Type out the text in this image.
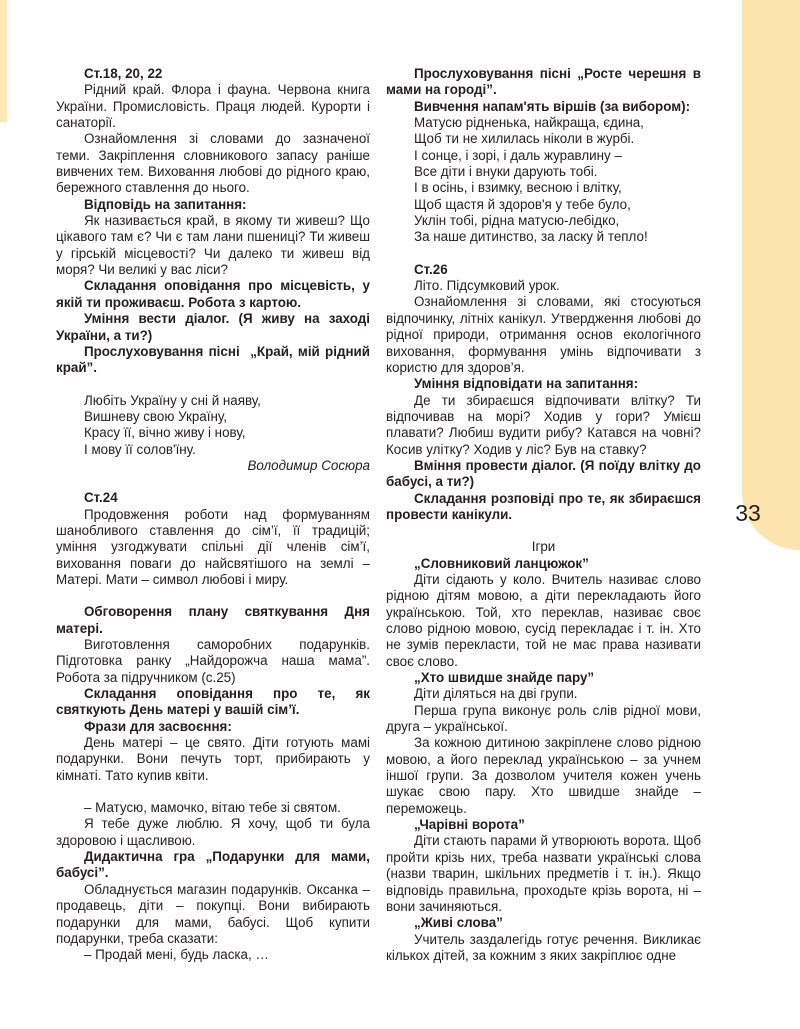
33

Ст.18, 20, 22

Рідний край. Флора і фауна. Червона книга України. Промисловість. Праця людей. Курорти і санаторії.

Ознайомлення зі словами до зазначеної теми. Закріплення словникового запасу раніше вивчених тем. Виховання любові до рідного краю, бережного ставлення до нього.

Відповідь на запитання:

Як називається край, в якому ти живеш? Що цікавого там є? Чи є там лани пшениці? Ти живеш у гірській місцевості? Чи далеко ти живеш від моря? Чи великі у вас ліси?

Складання оповідання про місцевість, у якій ти проживаєш. Робота з картою.

Уміння вести діалог. (Я живу на заході України, а ти?)

Прослуховування пісні  „Край, мій рідний край”.

Любіть Україну у сні й наяву,

Вишневу свою Україну,

Красу її, вічно живу і нову,

І мову її солов'їну.

Володимир Сосюра

Ст.24

Продовження роботи над формуванням шанобливого ставлення до сім’ї, її традицій; уміння узгоджувати спільні дії членів сім’ї, виховання поваги до найсвятішого на землі – Матері. Мати – символ любові і миру.

Обговорення плану святкування Дня матері.

Виготовлення саморобних подарунків. Підготовка ранку „Найдорожча наша мама”. Робота за підручником (с.25)

Складання оповідання про те, як святкують День матері у вашій сім’ї.

Фрази для засвоєння:

День матері – це свято. Діти готують мамі подарунки. Вони печуть торт, прибирають у кімнаті. Тато купив квіти.

– Матусю, мамочко, вітаю тебе зі святом.

Я тебе дуже люблю. Я хочу, щоб ти була здоровою і щасливою.

Дидактична гра „Подарунки для мами, бабусі”.

Обладнується магазин подарунків. Оксанка – продавець, діти – покупці. Вони вибирають подарунки для мами, бабусі. Щоб купити подарунки, треба сказати:

– Продай мені, будь ласка, …

Прослуховування пісні „Росте черешня в мами на городі”.

Вивчення напам'ять віршів (за вибором):

Матусю рідненька, найкраща, єдина,

Щоб ти не хилилась ніколи в журбі.

І сонце, і зорі, і даль журавлину –

Все діти і внуки дарують тобі.

І в осінь, і взимку, весною і влітку,

Щоб щастя й здоров'я у тебе було,

Уклін тобі, рідна матусю-лебідко,

За наше дитинство, за ласку й тепло!

Ст.26

Літо. Підсумковий урок.

Ознайомлення зі словами, які стосуються відпочинку, літніх канікул. Утвердження любові до рідної природи, отримання основ екологічного виховання, формування умінь відпочивати з користю для здоров’я.

Уміння відповідати на запитання:

Де ти збираєшся відпочивати влітку? Ти відпочивав на морі? Ходив у гори? Умієш плавати? Любиш вудити рибу? Катався на човні? Косив улітку? Ходив у ліс? Був на ставку?

Вміння провести діалог. (Я поїду влітку до бабусі, а ти?)

Складання розповіді про те, як збираєшся провести канікули.

Ігри

„Словниковий ланцюжок”

Діти сідають у коло. Вчитель називає слово рідною дітям мовою, а діти перекладають його українською. Той, хто переклав, називає своє слово рідною мовою, сусід перекладає і т. ін. Хто не зумів перекласти, той не має права називати своє слово.

„Хто швидше знайде пару”

Діти діляться на дві групи.

Перша група виконує роль слів рідної мови, друга – української.

За кожною дитиною закріплене слово рідною мовою, а його переклад українською – за учнем іншої групи. За дозволом учителя кожен учень шукає свою пару. Хто швидше знайде – переможець.

„Чарівні ворота”

Діти стають парами й утворюють ворота. Щоб пройти крізь них, треба назвати українські слова (назви тварин, шкільних предметів і т. ін.). Якщо відповідь правильна, проходьте крізь ворота, ні – вони зачиняються.

„Живі слова”

Учитель заздалегідь готує речення. Викликає кількох дітей, за кожним з яких закріплює одне
